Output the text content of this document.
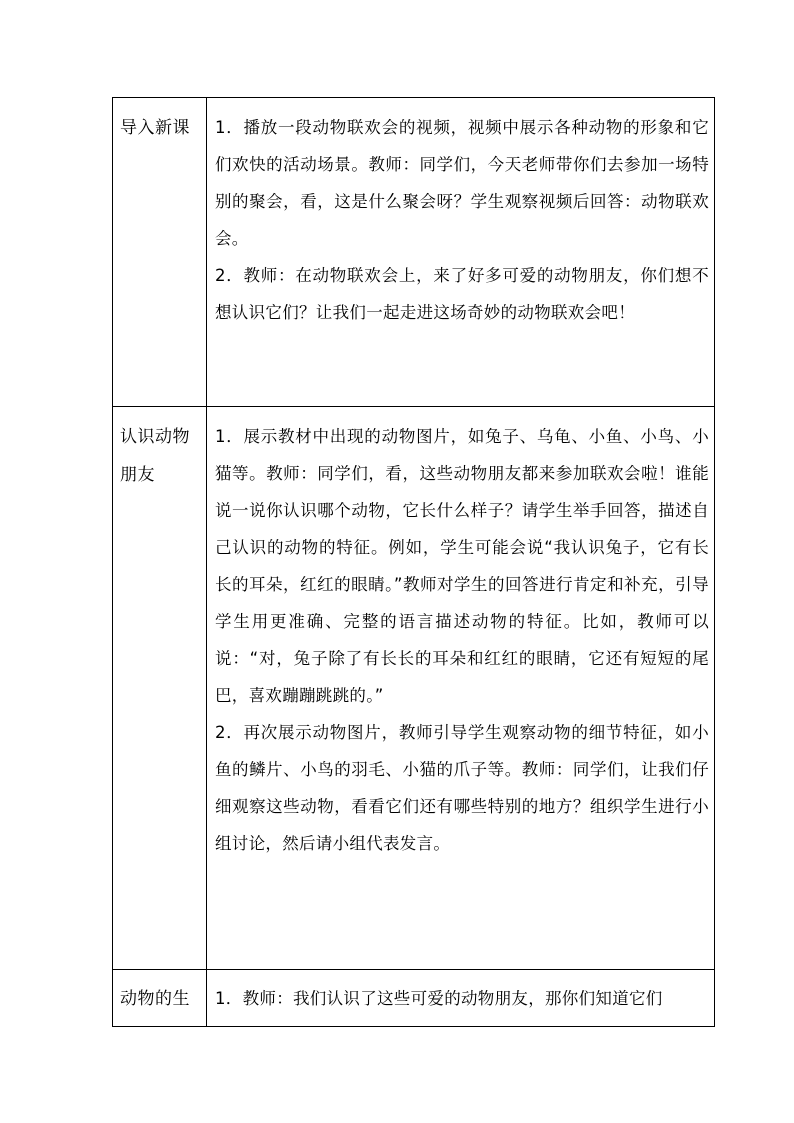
导入新课	1．播放一段动物联欢会的视频，视频中展示各种动物的形象和它们欢快的活动场景。教师：同学们，今天老师带你们去参加一场特别的聚会，看，这是什么聚会呀？学生观察视频后回答：动物联欢会。

2．教师：在动物联欢会上，来了好多可爱的动物朋友，你们想不想认识它们？让我们一起走进这场奇妙的动物联欢会吧！

认识动物朋友	1．展示教材中出现的动物图片，如兔子、乌龟、小鱼、小鸟、小猫等。教师：同学们，看，这些动物朋友都来参加联欢会啦！谁能说一说你认识哪个动物，它长什么样子？请学生举手回答，描述自己认识的动物的特征。例如，学生可能会说“我认识兔子，它有长长的耳朵，红红的眼睛。”教师对学生的回答进行肯定和补充，引导学生用更准确、完整的语言描述动物的特征。比如，教师可以说：“对，兔子除了有长长的耳朵和红红的眼睛，它还有短短的尾巴，喜欢蹦蹦跳跳的。”

2．再次展示动物图片，教师引导学生观察动物的细节特征，如小鱼的鳞片、小鸟的羽毛、小猫的爪子等。教师：同学们，让我们仔细观察这些动物，看看它们还有哪些特别的地方？组织学生进行小组讨论，然后请小组代表发言。

动物的生	1．教师：我们认识了这些可爱的动物朋友，那你们知道它们
